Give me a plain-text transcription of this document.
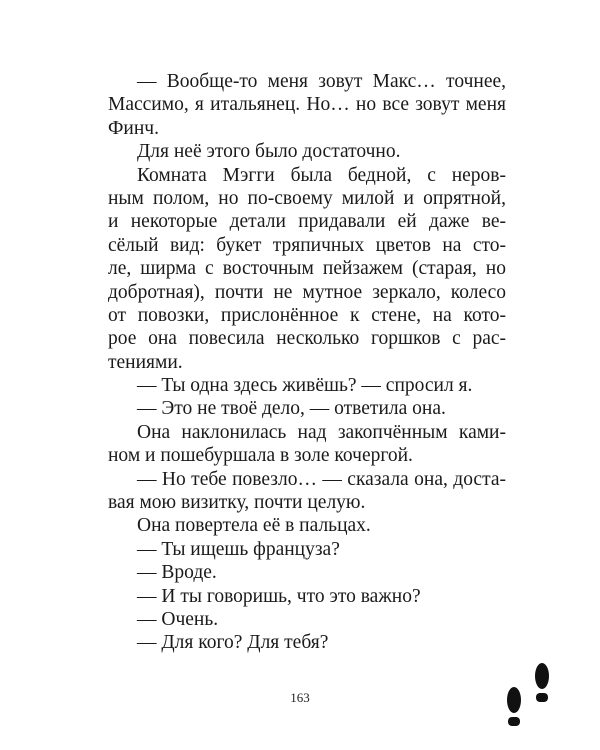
— Вообще-то меня зовут Макс… точнее,
Массимо, я итальянец. Но… но все зовут меня
Финч.
Для неё этого было достаточно.
Комната Мэгги была бедной, с неров-
ным полом, но по-своему милой и опрятной,
и некоторые детали придавали ей даже ве-
сёлый вид: букет тряпичных цветов на сто-
ле, ширма с восточным пейзажем (старая, но
добротная), почти не мутное зеркало, колесо
от повозки, прислонённое к стене, на кото-
рое она повесила несколько горшков с рас-
тениями.
— Ты одна здесь живёшь? — спросил я.
— Это не твоё дело, — ответила она.
Она наклонилась над закопчённым ками-
ном и пошебуршала в золе кочергой.
— Но тебе повезло… — сказала она, доста-
вая мою визитку, почти целую.
Она повертела её в пальцах.
— Ты ищешь француза?
— Вроде.
— И ты говоришь, что это важно?
— Очень.
— Для кого? Для тебя?
163
